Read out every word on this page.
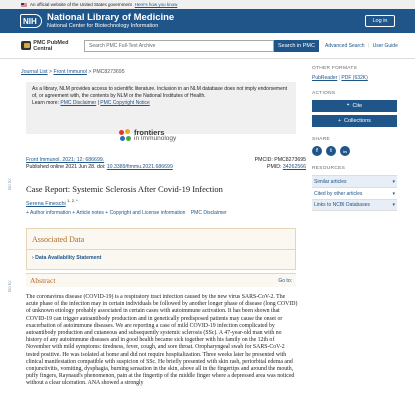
An official website of the United States government Here's how you know
NIH	National Library of Medicine
National Center for Biotechnology Information
Log in
PMC PubMed Central	Search PMC Full-Text Archive	Search in PMC	Advanced Search | User Guide
Journal List > Front Immunol > PMC8273695
As a library, NLM provides access to scientific literature. Inclusion in an NLM database does not imply endorsement of, or agreement with, the contents by NLM or the National Institutes of Health.
Learn more: PMC Disclaimer | PMC Copyright Notice
frontiers
in Immunology
Front Immunol. 2021; 12: 686699.
Published online 2021 Jun 28. doi: 10.3389/fimmu.2021.686699
PMCID: PMC8273695
PMID: 34262566
Case Report: Systemic Sclerosis After Covid-19 Infection
Serena Fineschi $^{1, 2, *}$
+ Author information + Article notes + Copyright and License information PMC Disclaimer
Go to:
Go to:
Associated Data
› Data Availability Statement
Abstract	Go to:
The coronavirus disease (COVID-19) is a respiratory tract infection caused by the new virus SARS-CoV-2. The acute phase of the infection may in certain individuals be followed by another longer phase of disease (long COVID) of unknown etiology probably associated in certain cases with autoimmune activation. It has been shown that COVID-19 can trigger autoantibody production and in genetically predisposed patients may cause the onset or exacerbation of autoimmune diseases. We are reporting a case of mild COVID-19 infection complicated by autoantibody production and cutaneous and subsequently systemic sclerosis (SSc). A 47-year-old man with no history of any autoimmune diseases and in good health became sick together with his family on the 12th of November with mild symptoms: tiredness, fever, cough, and sore throat. Oropharyngeal swab for SARS-CoV-2 tested positive. He was isolated at home and did not require hospitalization. Three weeks later he presented with clinical manifestation compatible with suspicion of SSc. He briefly presented with skin rash, periorbital edema and conjunctivitis, vomiting, dysphagia, burning sensation in the skin, above all in the fingertips and around the mouth, puffy fingers, Raynaud's phenomenon, pain at the fingertip of the middle finger where a depressed area was noticed without a clear ulceration. ANA showed a strongly
OTHER FORMATS
PubReader | PDF (632K)
ACTIONS
❝ Cite
+ Collections
SHARE
f	t	in
RESOURCES
Similar articles	▾
Cited by other articles	▾
Links to NCBI Databases	▾
